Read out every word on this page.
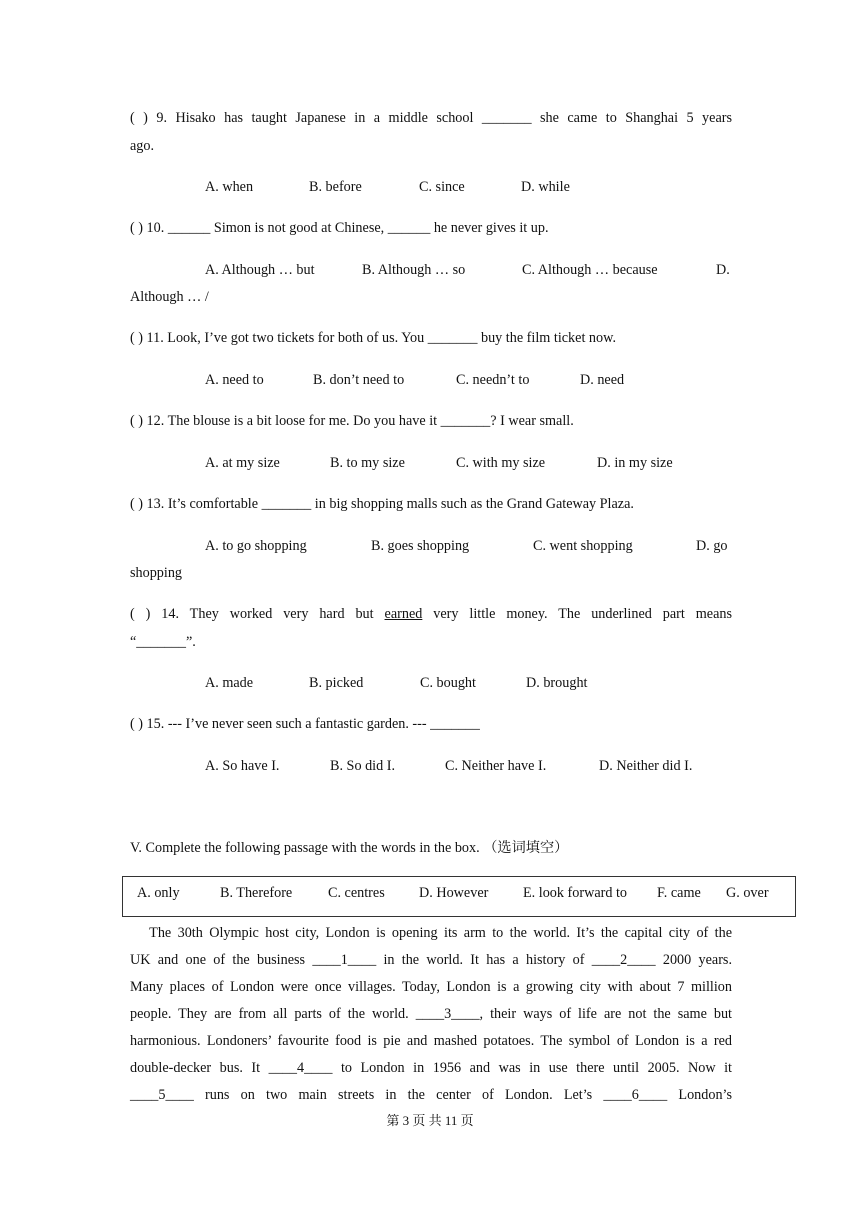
( ) 9. Hisako has taught Japanese in a middle school _______ she came to Shanghai 5 years
ago.
A. when	B. before	C. since	D. while
( ) 10. ______ Simon is not good at Chinese, ______ he never gives it up.
A. Although … but	B. Although … so	C. Although … because	D.
Although … /
( ) 11. Look, I’ve got two tickets for both of us. You _______ buy the film ticket now.
A. need to	B. don’t need to	C. needn’t to	D. need
( ) 12. The blouse is a bit loose for me. Do you have it _______? I wear small.
A. at my size	B. to my size	C. with my size	D. in my size
( ) 13. It’s comfortable _______ in big shopping malls such as the Grand Gateway Plaza.
A. to go shopping	B. goes shopping	C. went shopping	D. go
shopping
( ) 14. They worked very hard but earned very little money. The underlined part means
“_______”.
A. made	B. picked	C. bought	D. brought
( ) 15. --- I’ve never seen such a fantastic garden. --- _______
A. So have I.	B. So did I.	C. Neither have I.	D. Neither did I.
V. Complete the following passage with the words in the box. （选词填空）
A. only	B. Therefore	C. centres D. However E. look forward to F. came G. over
The 30th Olympic host city, London is opening its arm to the world. It’s the capital city of the
UK and one of the business ____1____ in the world. It has a history of ____2____ 2000 years.
Many places of London were once villages. Today, London is a growing city with about 7 million
people. They are from all parts of the world. ____3____, their ways of life are not the same but
harmonious. Londoners’ favourite food is pie and mashed potatoes. The symbol of London is a red
double-decker bus. It ____4____ to London in 1956 and was in use there until 2005. Now it
____5____ runs on two main streets in the center of London. Let’s ____6____ London’s
第 3 页 共 11 页
